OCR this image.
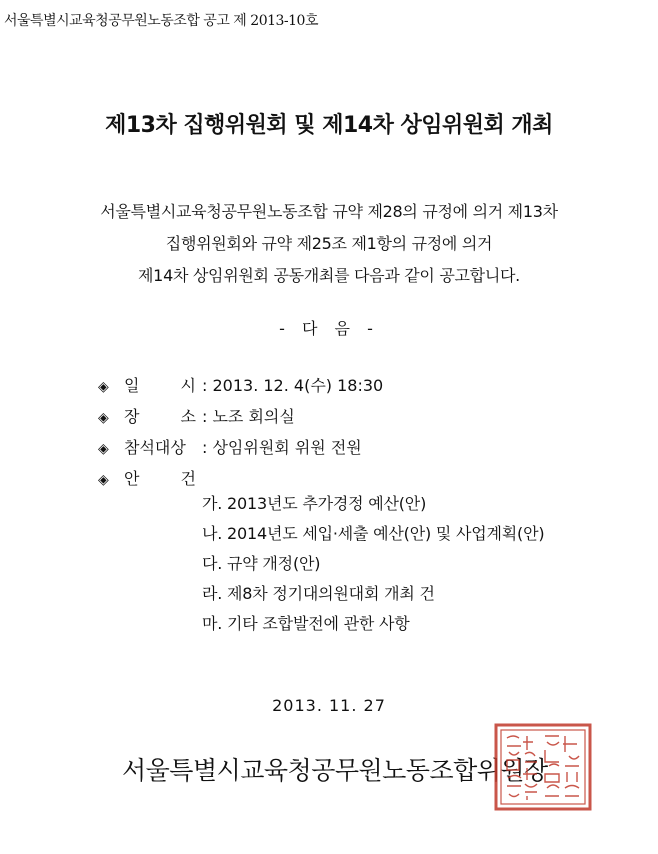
서울특별시교육청공무원노동조합 공고 제 2013-10호
제13차 집행위원회 및 제14차 상임위원회 개최
서울특별시교육청공무원노동조합 규약 제28의 규정에 의거 제13차
집행위원회와 규약 제25조 제1항의 규정에 의거
제14차 상임위원회 공동개최를 다음과 같이 공고합니다.
- 다 음 -
◈ 일	시 : 2013. 12. 4(수) 18:30
◈ 장	소 : 노조 회의실
◈ 참석대상	: 상임위원회 위원 전원
◈ 안	건
가. 2013년도 추가경정 예산(안)
나. 2014년도 세입·세출 예산(안) 및 사업계획(안)
다. 규약 개정(안)
라. 제8차 정기대의원대회 개최 건
마. 기타 조합발전에 관한 사항
2013. 11. 27
서울특별시교육청공무원노동조합위원장
